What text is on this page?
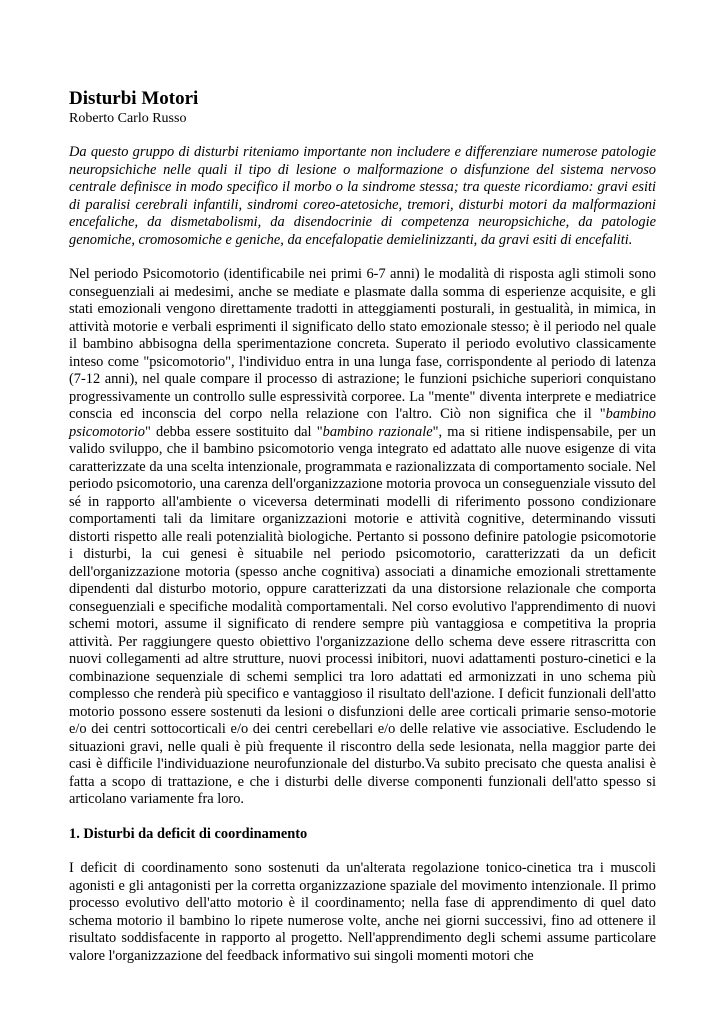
Disturbi Motori
Roberto Carlo Russo

Da questo gruppo di disturbi riteniamo importante non includere e differenziare numerose patologie neuropsichiche nelle quali il tipo di lesione o malformazione o disfunzione del sistema nervoso centrale definisce in modo specifico il morbo o la sindrome stessa; tra queste ricordiamo: gravi esiti di paralisi cerebrali infantili, sindromi coreo-atetosiche, tremori, disturbi motori da malformazioni encefaliche, da dismetabolismi, da disendocrinie di competenza neuropsichiche, da patologie genomiche, cromosomiche e geniche, da encefalopatie demielinizzanti, da gravi esiti di encefaliti.

Nel periodo Psicomotorio (identificabile nei primi 6-7 anni) le modalità di risposta agli stimoli sono conseguenziali ai medesimi, anche se mediate e plasmate dalla somma di esperienze acquisite, e gli stati emozionali vengono direttamente tradotti in atteggiamenti posturali, in gestualità, in mimica, in attività motorie e verbali esprimenti il significato dello stato emozionale stesso; è il periodo nel quale il bambino abbisogna della sperimentazione concreta. Superato il periodo evolutivo classicamente inteso come "psicomotorio", l'individuo entra in una lunga fase, corrispondente al periodo di latenza (7-12 anni), nel quale compare il processo di astrazione; le funzioni psichiche superiori conquistano progressivamente un controllo sulle espressività corporee. La "mente" diventa interprete e mediatrice conscia ed inconscia del corpo nella relazione con l'altro. Ciò non significa che il "bambino psicomotorio" debba essere sostituito dal "bambino razionale", ma si ritiene indispensabile, per un valido sviluppo, che il bambino psicomotorio venga integrato ed adattato alle nuove esigenze di vita caratterizzate da una scelta intenzionale, programmata e razionalizzata di comportamento sociale. Nel periodo psicomotorio, una carenza dell'organizzazione motoria provoca un conseguenziale vissuto del sé in rapporto all'ambiente o viceversa determinati modelli di riferimento possono condizionare comportamenti tali da limitare organizzazioni motorie e attività cognitive, determinando vissuti distorti rispetto alle reali potenzialità biologiche. Pertanto si possono definire patologie psicomotorie i disturbi, la cui genesi è situabile nel periodo psicomotorio, caratterizzati da un deficit dell'organizzazione motoria (spesso anche cognitiva) associati a dinamiche emozionali strettamente dipendenti dal disturbo motorio, oppure caratterizzati da una distorsione relazionale che comporta conseguenziali e specifiche modalità comportamentali. Nel corso evolutivo l'apprendimento di nuovi schemi motori, assume il significato di rendere sempre più vantaggiosa e competitiva la propria attività. Per raggiungere questo obiettivo l'organizzazione dello schema deve essere ritrascritta con nuovi collegamenti ad altre strutture, nuovi processi inibitori, nuovi adattamenti posturo-cinetici e la combinazione sequenziale di schemi semplici tra loro adattati ed armonizzati in uno schema più complesso che renderà più specifico e vantaggioso il risultato dell'azione. I deficit funzionali dell'atto motorio possono essere sostenuti da lesioni o disfunzioni delle aree corticali primarie senso-motorie e/o dei centri sottocorticali e/o dei centri cerebellari e/o delle relative vie associative. Escludendo le situazioni gravi, nelle quali è più frequente il riscontro della sede lesionata, nella maggior parte dei casi è difficile l'individuazione neurofunzionale del disturbo.Va subito precisato che questa analisi è fatta a scopo di trattazione, e che i disturbi delle diverse componenti funzionali dell'atto spesso si articolano variamente fra loro.

1. Disturbi da deficit di coordinamento

I deficit di coordinamento sono sostenuti da un'alterata regolazione tonico-cinetica tra i muscoli agonisti e gli antagonisti per la corretta organizzazione spaziale del movimento intenzionale. Il primo processo evolutivo dell'atto motorio è il coordinamento; nella fase di apprendimento di quel dato schema motorio il bambino lo ripete numerose volte, anche nei giorni successivi, fino ad ottenere il risultato soddisfacente in rapporto al progetto. Nell'apprendimento degli schemi assume particolare valore l'organizzazione del feedback informativo sui singoli momenti motori che
